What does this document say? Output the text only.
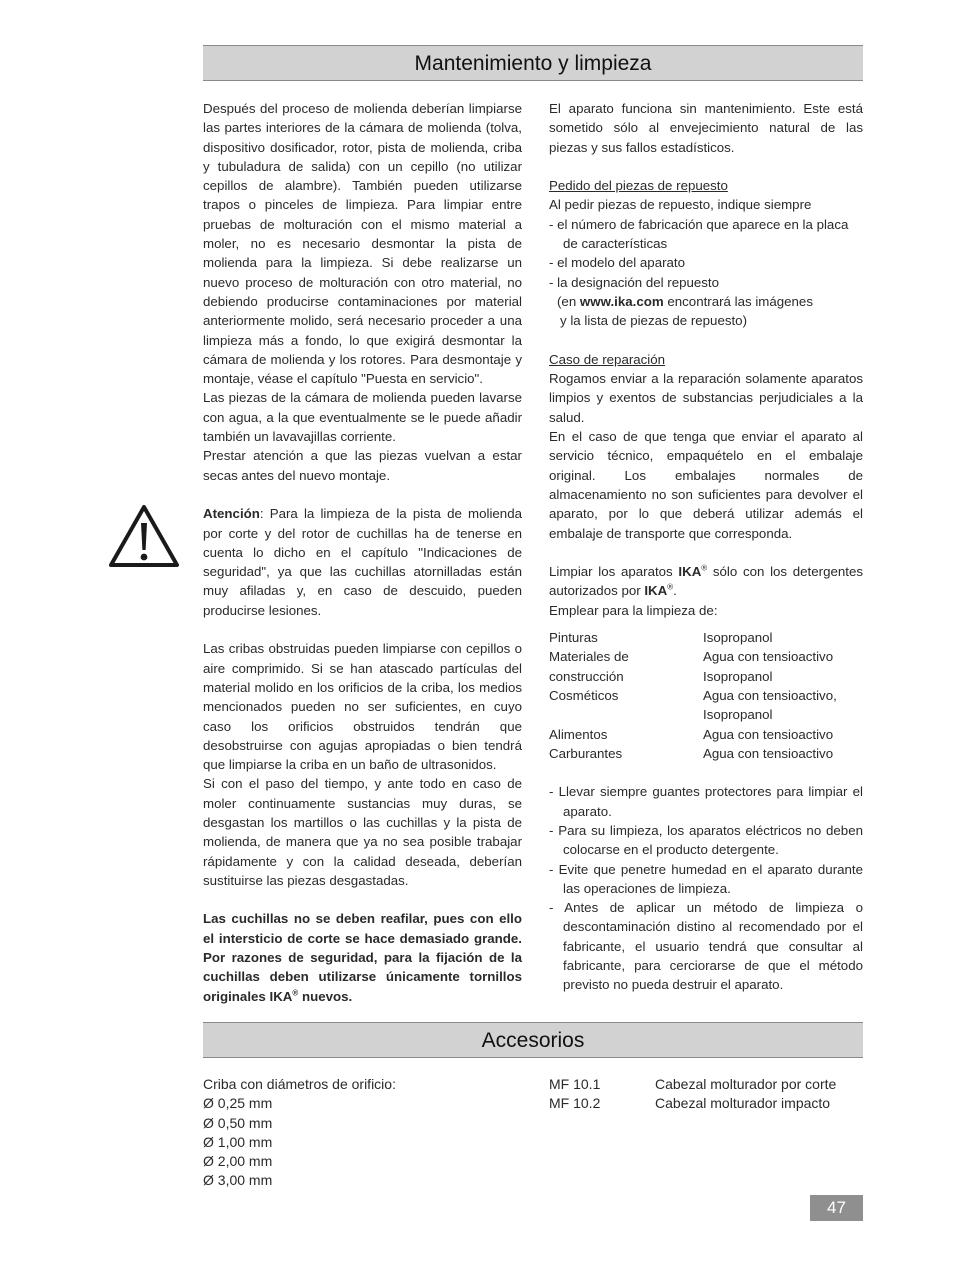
Mantenimiento y limpieza

Después del proceso de molienda deberían limpiarse las partes interiores de la cámara de molienda (tolva, dispositivo dosificador, rotor, pista de molienda, criba y tubuladura de salida) con un cepillo (no utilizar cepillos de alambre). También pueden utilizarse trapos o pinceles de limpieza. Para limpiar entre pruebas de molturación con el mismo material a moler, no es necesario desmontar la pista de molienda para la limpieza. Si debe realizarse un nuevo proceso de molturación con otro material, no debiendo producirse contaminaciones por material anteriormente molido, será necesario proceder a una limpieza más a fondo, lo que exigirá desmontar la cámara de molienda y los rotores. Para desmontaje y montaje, véase el capítulo "Puesta en servicio".

Las piezas de la cámara de molienda pueden lavarse con agua, a la que eventualmente se le puede añadir también un lavavajillas corriente.

Prestar atención a que las piezas vuelvan a estar secas antes del nuevo montaje.

Atención: Para la limpieza de la pista de molienda por corte y del rotor de cuchillas ha de tenerse en cuenta lo dicho en el capítulo "Indicaciones de seguridad", ya que las cuchillas atornilladas están muy afiladas y, en caso de descuido, pueden producirse lesiones.

Las cribas obstruidas pueden limpiarse con cepillos o aire comprimido. Si se han atascado partículas del material molido en los orificios de la criba, los medios mencionados pueden no ser suficientes, en cuyo caso los orificios obstruidos tendrán que desobstruirse con agujas apropiadas o bien tendrá que limpiarse la criba en un baño de ultrasonidos.

Si con el paso del tiempo, y ante todo en caso de moler continuamente sustancias muy duras, se desgastan los martillos o las cuchillas y la pista de molienda, de manera que ya no sea posible trabajar rápidamente y con la calidad deseada, deberían sustituirse las piezas desgastadas.

Las cuchillas no se deben reafilar, pues con ello el intersticio de corte se hace demasiado grande. Por razones de seguridad, para la fijación de la cuchillas deben utilizarse únicamente tornillos originales IKA® nuevos.

El aparato funciona sin mantenimiento. Este está sometido sólo al envejecimiento natural de las piezas y sus fallos estadísticos.

Pedido del piezas de repuesto

Al pedir piezas de repuesto, indique siempre

- el número de fabricación que aparece en la placa de características

- el modelo del aparato

- la designación del repuesto

(en www.ika.com encontrará las imágenes

y la lista de piezas de repuesto)

Caso de reparación

Rogamos enviar a la reparación solamente aparatos limpios y exentos de substancias perjudiciales a la salud.

En el caso de que tenga que enviar el aparato al servicio técnico, empaquételo en el embalaje original. Los embalajes normales de almacenamiento no son suficientes para devolver el aparato, por lo que deberá utilizar además el embalaje de transporte que corresponda.

Limpiar los aparatos IKA® sólo con los detergentes autorizados por IKA®.

Emplear para la limpieza de:

Pinturas	Isopropanol
Materiales de	Agua con tensioactivo
construcción	Isopropanol
Cosméticos	Agua con tensioactivo,
Isopropanol
Alimentos	Agua con tensioactivo
Carburantes	Agua con tensioactivo

- Llevar siempre guantes protectores para limpiar el aparato.

- Para su limpieza, los aparatos eléctricos no deben colocarse en el producto detergente.

- Evite que penetre humedad en el aparato durante las operaciones de limpieza.

- Antes de aplicar un método de limpieza o descontaminación distino al recomendado por el fabricante, el usuario tendrá que consultar al fabricante, para cerciorarse de que el método previsto no pueda destruir el aparato.

Accesorios

Criba con diámetros de orificio:

Ø 0,25 mm

Ø 0,50 mm

Ø 1,00 mm

Ø 2,00 mm

Ø 3,00 mm

MF 10.1	Cabezal molturador por corte
MF 10.2	Cabezal molturador impacto
47
